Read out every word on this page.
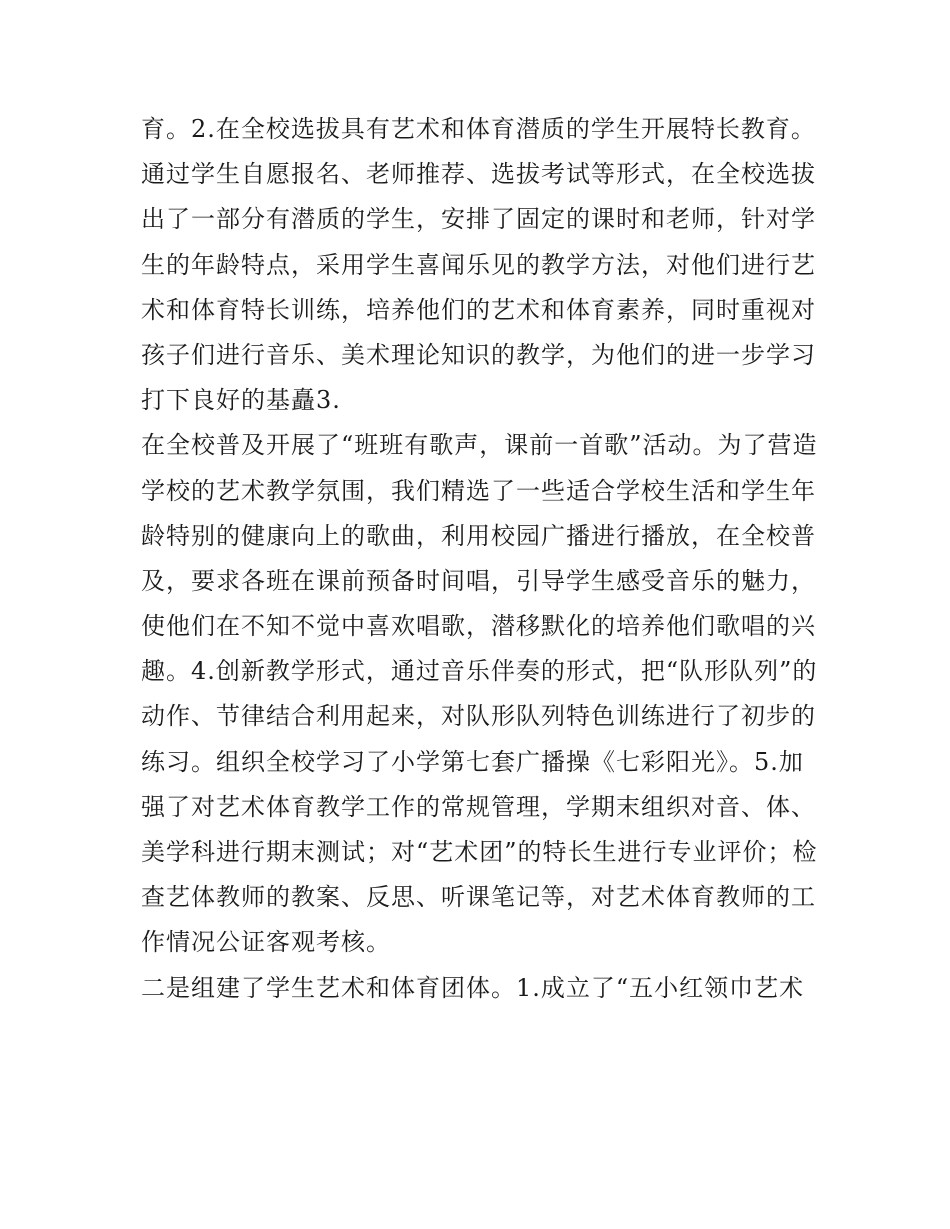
育。2.在全校选拔具有艺术和体育潜质的学生开展特长教育。
通过学生自愿报名、老师推荐、选拔考试等形式，在全校选拔
出了一部分有潜质的学生，安排了固定的课时和老师，针对学
生的年龄特点，采用学生喜闻乐见的教学方法，对他们进行艺
术和体育特长训练，培养他们的艺术和体育素养，同时重视对
孩子们进行音乐、美术理论知识的教学，为他们的进一步学习
打下良好的基矗3.
在全校普及开展了“班班有歌声，课前一首歌”活动。为了营造
学校的艺术教学氛围，我们精选了一些适合学校生活和学生年
龄特别的健康向上的歌曲，利用校园广播进行播放，在全校普
及，要求各班在课前预备时间唱，引导学生感受音乐的魅力，
使他们在不知不觉中喜欢唱歌，潜移默化的培养他们歌唱的兴
趣。4.创新教学形式，通过音乐伴奏的形式，把“队形队列”的
动作、节律结合利用起来，对队形队列特色训练进行了初步的
练习。组织全校学习了小学第七套广播操《七彩阳光》。5.加
强了对艺术体育教学工作的常规管理，学期末组织对音、体、
美学科进行期末测试；对“艺术团”的特长生进行专业评价；检
查艺体教师的教案、反思、听课笔记等，对艺术体育教师的工
作情况公证客观考核。
二是组建了学生艺术和体育团体。1.成立了“五小红领巾艺术
